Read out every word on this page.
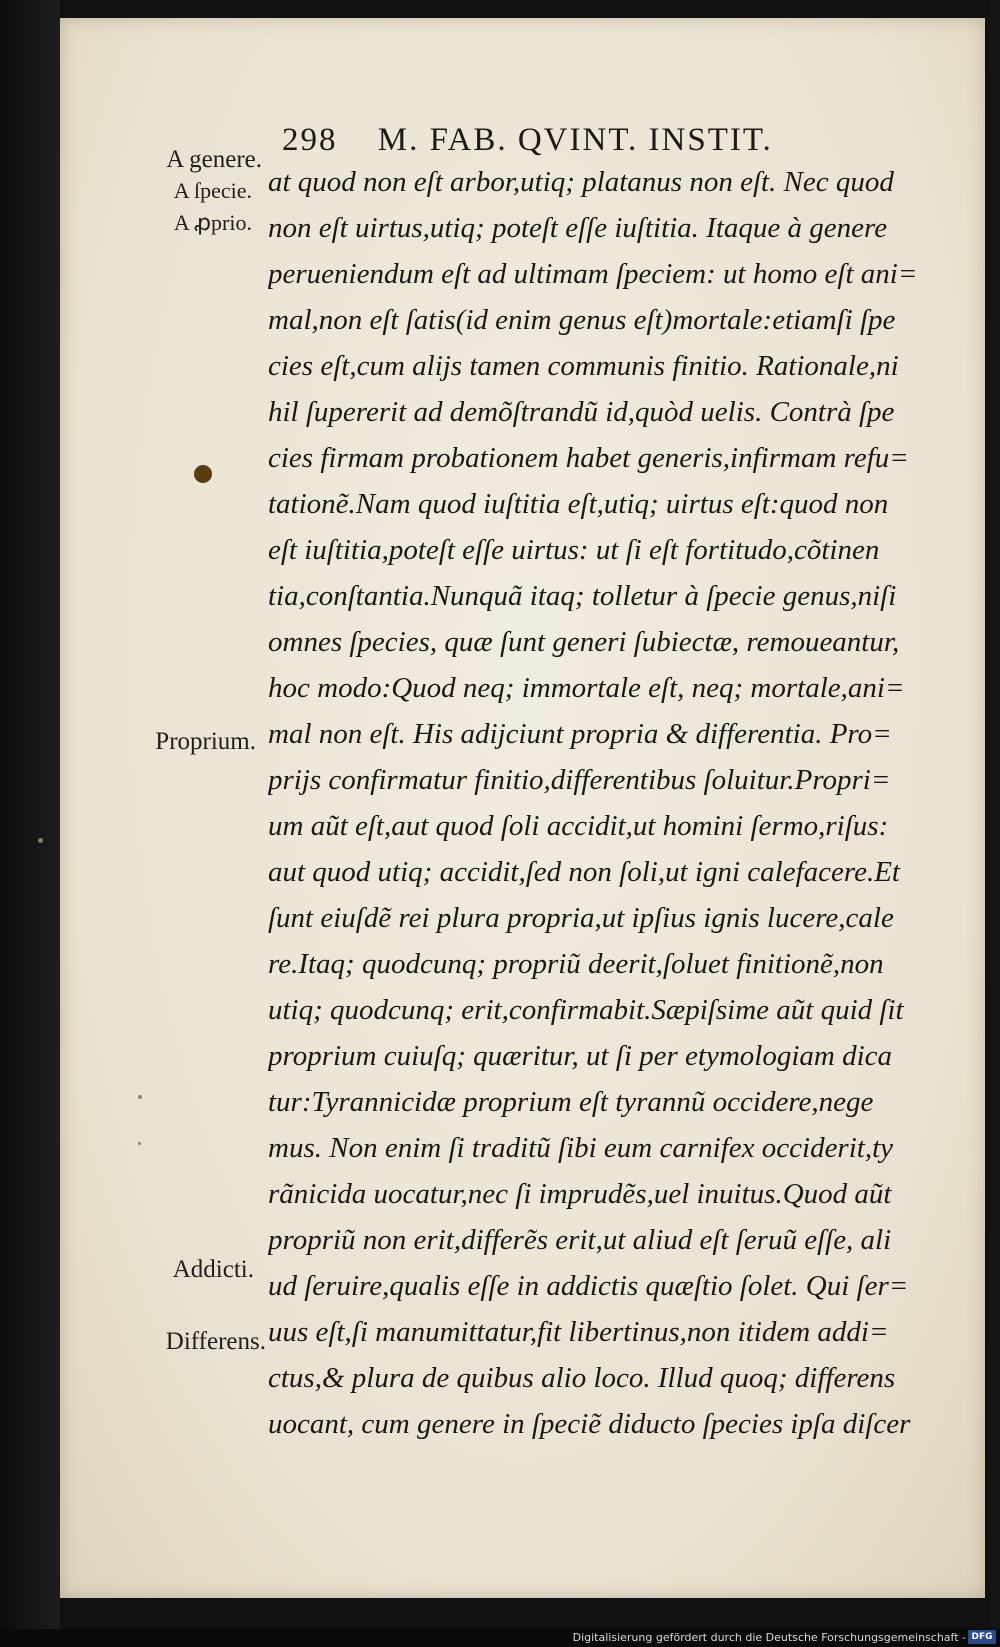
298 M. FAB. QVINT. INSTIT.
A genere.
A ſpecie.
A ꝓprio.
Proprium.
Addicti.
Differens.
at quod non eſt arbor,utiq; platanus non eſt. Nec quod
non eſt uirtus,utiq; poteſt eſſe iuſtitia. Itaque à genere
perueniendum eſt ad ultimam ſpeciem: ut homo eſt ani=
mal,non eſt ſatis(id enim genus eſt)mortale:etiamſi ſpe
cies eſt,cum alijs tamen communis finitio. Rationale,ni
hil ſupererit ad demõſtrandũ id,quòd uelis. Contrà ſpe
cies firmam probationem habet generis,infirmam refu=
tationẽ.Nam quod iuſtitia eſt,utiq; uirtus eſt:quod non
eſt iuſtitia,poteſt eſſe uirtus: ut ſi eſt fortitudo,cõtinen
tia,conſtantia.Nunquã itaq; tolletur à ſpecie genus,niſi
omnes ſpecies, quæ ſunt generi ſubiectæ, remoueantur,
hoc modo:Quod neq; immortale eſt, neq; mortale,ani=
mal non eſt. His adijciunt propria & differentia. Pro=
prijs confirmatur finitio,differentibus ſoluitur.Propri=
um aũt eſt,aut quod ſoli accidit,ut homini ſermo,riſus:
aut quod utiq; accidit,ſed non ſoli,ut igni calefacere.Et
ſunt eiuſdẽ rei plura propria,ut ipſius ignis lucere,cale
re.Itaq; quodcunq; propriũ deerit,ſoluet finitionẽ,non
utiq; quodcunq; erit,confirmabit.Sæpiſsime aũt quid ſit
proprium cuiuſq; quæritur, ut ſi per etymologiam dica
tur:Tyrannicidæ proprium eſt tyrannũ occidere,nege
mus. Non enim ſi traditũ ſibi eum carnifex occiderit,ty
rãnicida uocatur,nec ſi imprudẽs,uel inuitus.Quod aũt
propriũ non erit,differẽs erit,ut aliud eſt ſeruũ eſſe, ali
ud ſeruire,qualis eſſe in addictis quæſtio ſolet. Qui ſer=
uus eſt,ſi manumittatur,fit libertinus,non itidem addi=
ctus,& plura de quibus alio loco. Illud quoq; differens
uocant, cum genere in ſpeciẽ diducto ſpecies ipſa diſcer
Digitalisierung gefördert durch die Deutsche Forschungsgemeinschaft - DFG
